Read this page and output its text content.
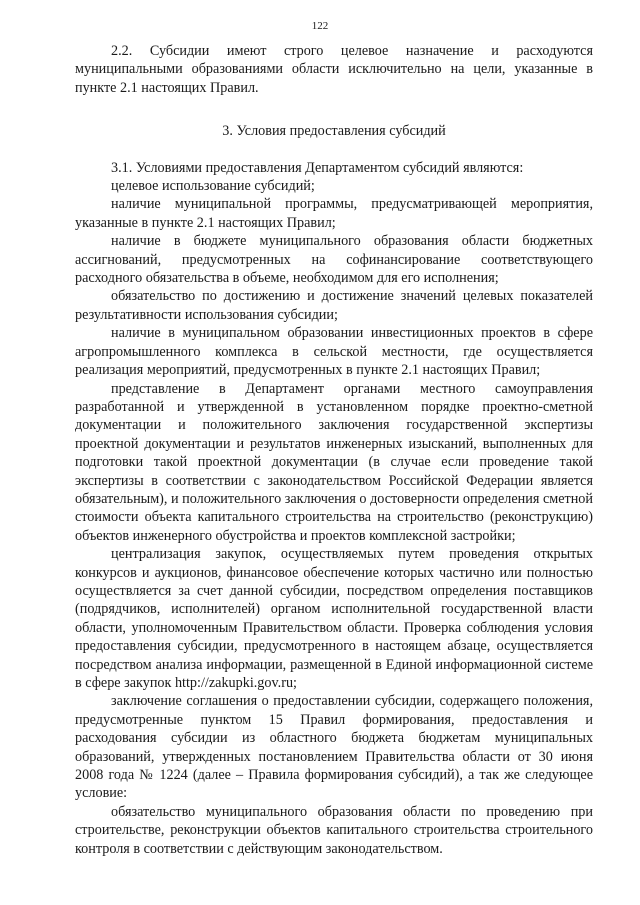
122

2.2. Субсидии имеют строго целевое назначение и расходуются муниципальными образованиями области исключительно на цели, указанные в пункте 2.1 настоящих Правил.

3. Условия предоставления субсидий

3.1. Условиями предоставления Департаментом субсидий являются:

целевое использование субсидий;

наличие муниципальной программы, предусматривающей мероприятия, указанные в пункте 2.1 настоящих Правил;

наличие в бюджете муниципального образования области бюджетных ассигнований, предусмотренных на софинансирование соответствующего расходного обязательства в объеме, необходимом для его исполнения;

обязательство по достижению и достижение значений целевых показателей результативности использования субсидии;

наличие в муниципальном образовании инвестиционных проектов в сфере агропромышленного комплекса в сельской местности, где осуществляется реализация мероприятий, предусмотренных в пункте 2.1 настоящих Правил;

представление в Департамент органами местного самоуправления разработанной и утвержденной в установленном порядке проектно-сметной документации и положительного заключения государственной экспертизы проектной документации и результатов инженерных изысканий, выполненных для подготовки такой проектной документации (в случае если проведение такой экспертизы в соответствии с законодательством Российской Федерации является обязательным), и положительного заключения о достоверности определения сметной стоимости объекта капитального строительства на строительство (реконструкцию) объектов инженерного обустройства и проектов комплексной застройки;

централизация закупок, осуществляемых путем проведения открытых конкурсов и аукционов, финансовое обеспечение которых частично или полностью осуществляется за счет данной субсидии, посредством определения поставщиков (подрядчиков, исполнителей) органом исполнительной государственной власти области, уполномоченным Правительством области. Проверка соблюдения условия предоставления субсидии, предусмотренного в настоящем абзаце, осуществляется посредством анализа информации, размещенной в Единой информационной системе в сфере закупок http://zakupki.gov.ru;

заключение соглашения о предоставлении субсидии, содержащего положения, предусмотренные пунктом 15 Правил формирования, предоставления и расходования субсидии из областного бюджета бюджетам муниципальных образований, утвержденных постановлением Правительства области от 30 июня 2008 года № 1224 (далее – Правила формирования субсидий), а так же следующее условие:

обязательство муниципального образования области по проведению при строительстве, реконструкции объектов капитального строительства строительного контроля в соответствии с действующим законодательством.
